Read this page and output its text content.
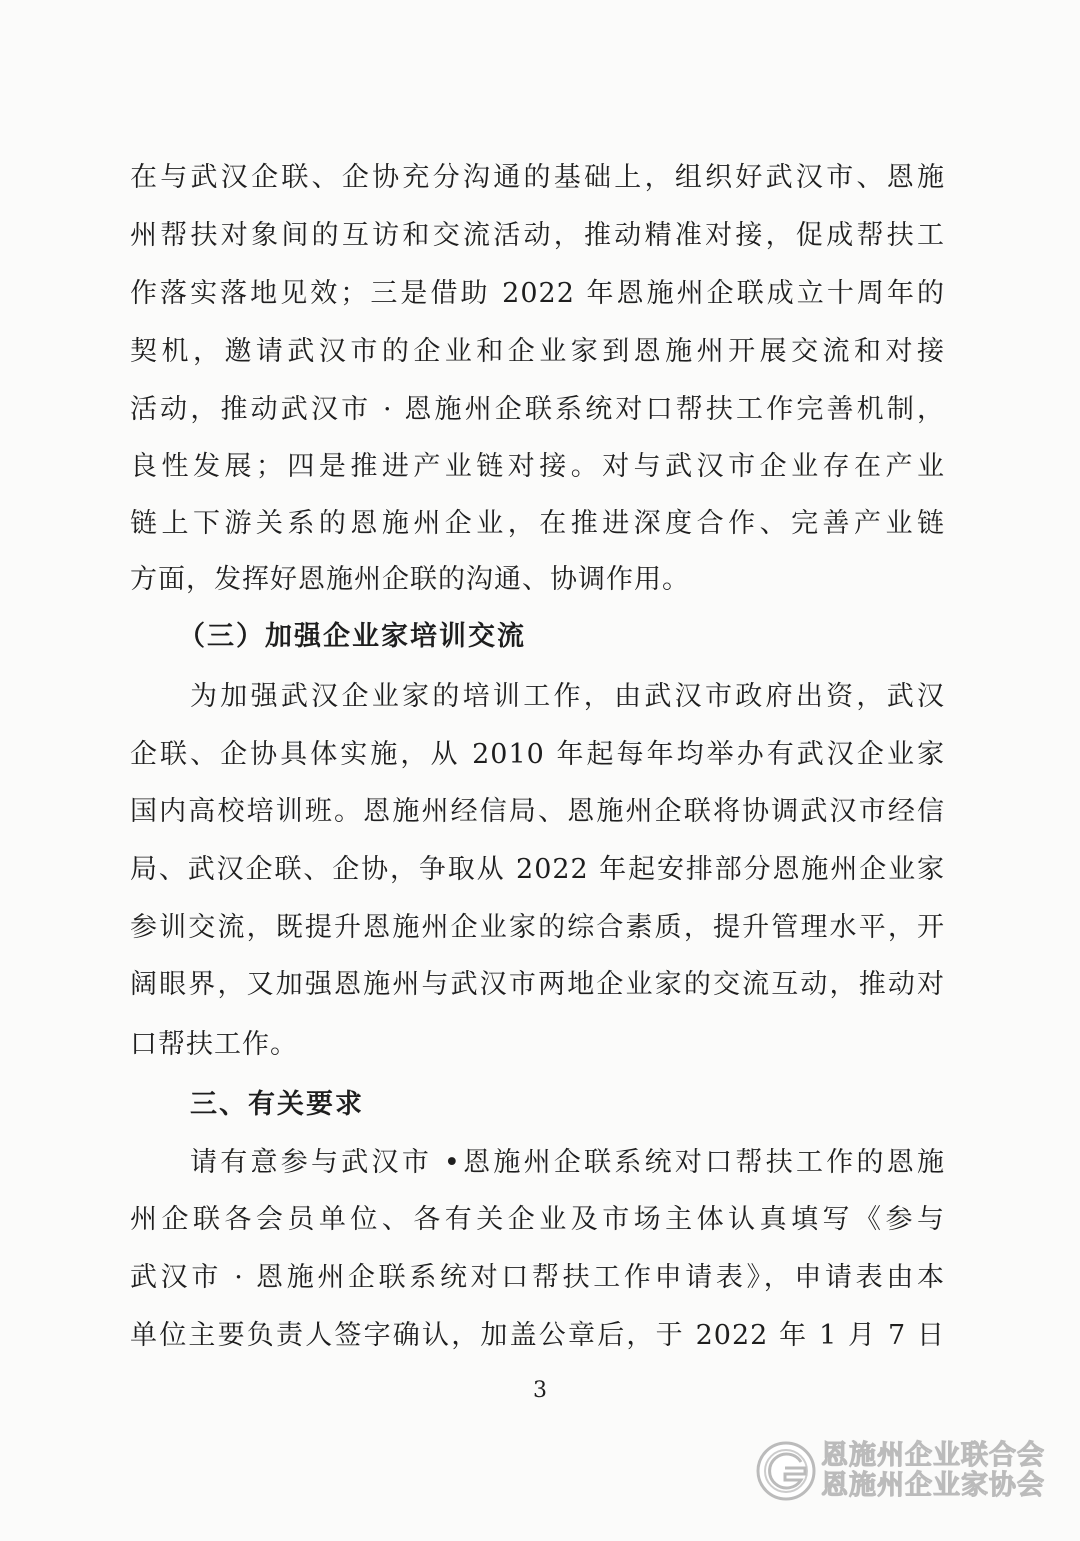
在与武汉企联、企协充分沟通的基础上，组织好武汉市、恩施
州帮扶对象间的互访和交流活动，推动精准对接，促成帮扶工
作落实落地见效；三是借助 2022 年恩施州企联成立十周年的
契机，邀请武汉市的企业和企业家到恩施州开展交流和对接
活动，推动武汉市 · 恩施州企联系统对口帮扶工作完善机制，
良性发展；四是推进产业链对接。对与武汉市企业存在产业
链上下游关系的恩施州企业，在推进深度合作、完善产业链
方面，发挥好恩施州企联的沟通、协调作用。
（三）加强企业家培训交流
为加强武汉企业家的培训工作，由武汉市政府出资，武汉
企联、企协具体实施，从 2010 年起每年均举办有武汉企业家
国内高校培训班。恩施州经信局、恩施州企联将协调武汉市经信
局、武汉企联、企协，争取从 2022 年起安排部分恩施州企业家
参训交流，既提升恩施州企业家的综合素质，提升管理水平，开
阔眼界，又加强恩施州与武汉市两地企业家的交流互动，推动对
口帮扶工作。
三、有关要求
请有意参与武汉市 •恩施州企联系统对口帮扶工作的恩施
州企联各会员单位、各有关企业及市场主体认真填写《参与
武汉市 · 恩施州企联系统对口帮扶工作申请表》，申请表由本
单位主要负责人签字确认，加盖公章后，于 2022 年 1 月 7 日
3
恩施州企业联合会
恩施州企业家协会
